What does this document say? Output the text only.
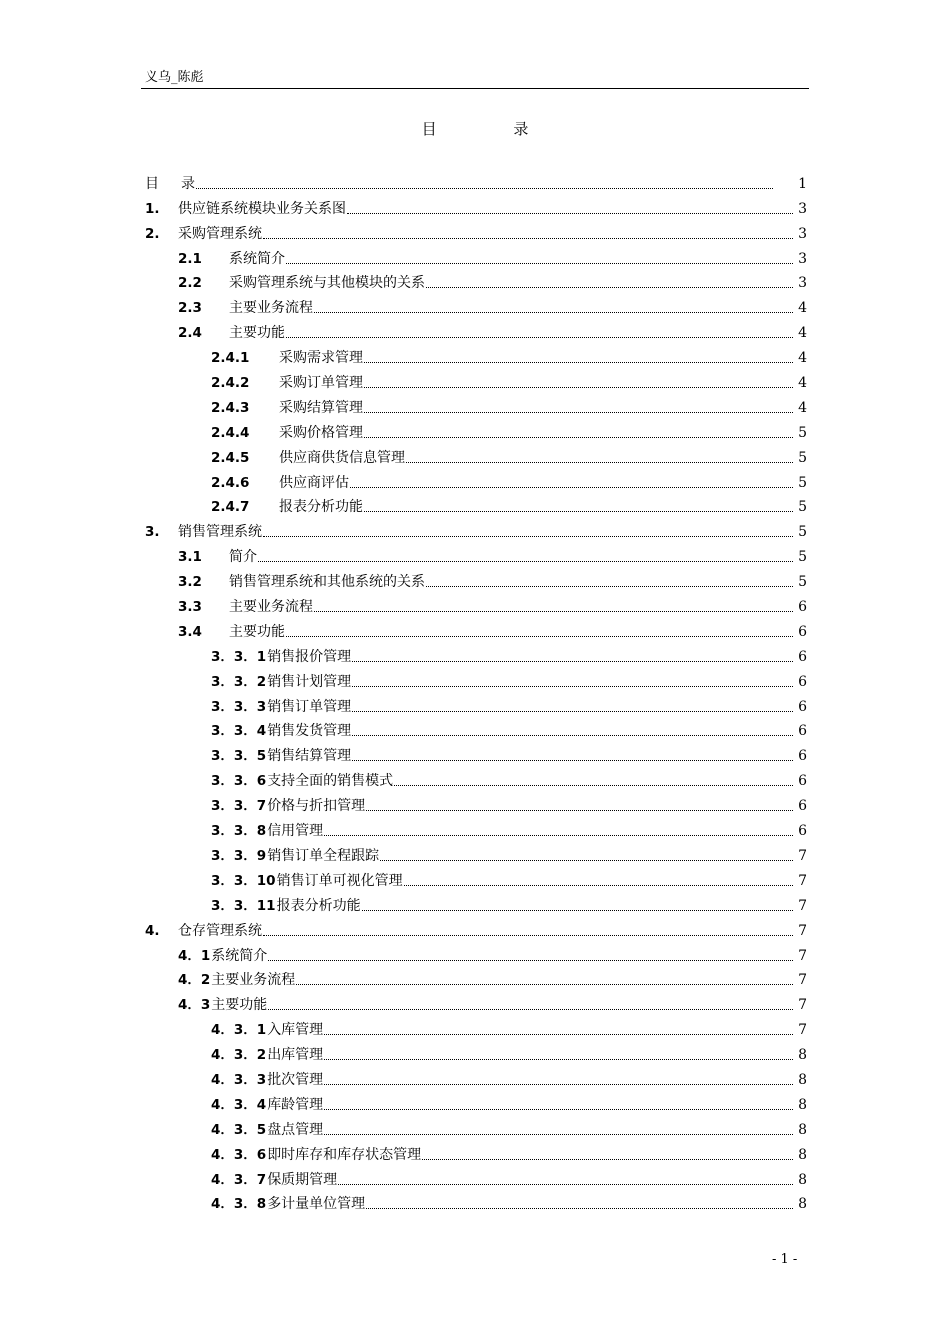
义乌_陈彪
目 录
目	录	1
1.	供应链系统模块业务关系图	3
2.	采购管理系统	3
2.1	系统简介	3
2.2	采购管理系统与其他模块的关系	3
2.3	主要业务流程	4
2.4	主要功能	4
2.4.1	采购需求管理	4
2.4.2	采购订单管理	4
2.4.3	采购结算管理	4
2.4.4	采购价格管理	5
2.4.5	供应商供货信息管理	5
2.4.6	供应商评估	5
2.4.7	报表分析功能	5
3.	销售管理系统	5
3.1	简介	5
3.2	销售管理系统和其他系统的关系	5
3.3	主要业务流程	6
3.4	主要功能	6
3．3．1 销售报价管理	6
3．3．2 销售计划管理	6
3．3．3 销售订单管理	6
3．3．4 销售发货管理	6
3．3．5 销售结算管理	6
3．3．6 支持全面的销售模式	6
3．3．7 价格与折扣管理	6
3．3．8 信用管理	6
3．3．9 销售订单全程跟踪	7
3．3．10 销售订单可视化管理	7
3．3．11 报表分析功能	7
4.	仓存管理系统	7
4．1 系统简介	7
4．2 主要业务流程	7
4．3 主要功能	7
4．3．1 入库管理	7
4．3．2 出库管理	8
4．3．3 批次管理	8
4．3．4 库龄管理	8
4．3．5 盘点管理	8
4．3．6 即时库存和库存状态管理	8
4．3．7 保质期管理	8
4．3．8 多计量单位管理	8
- 1 -
